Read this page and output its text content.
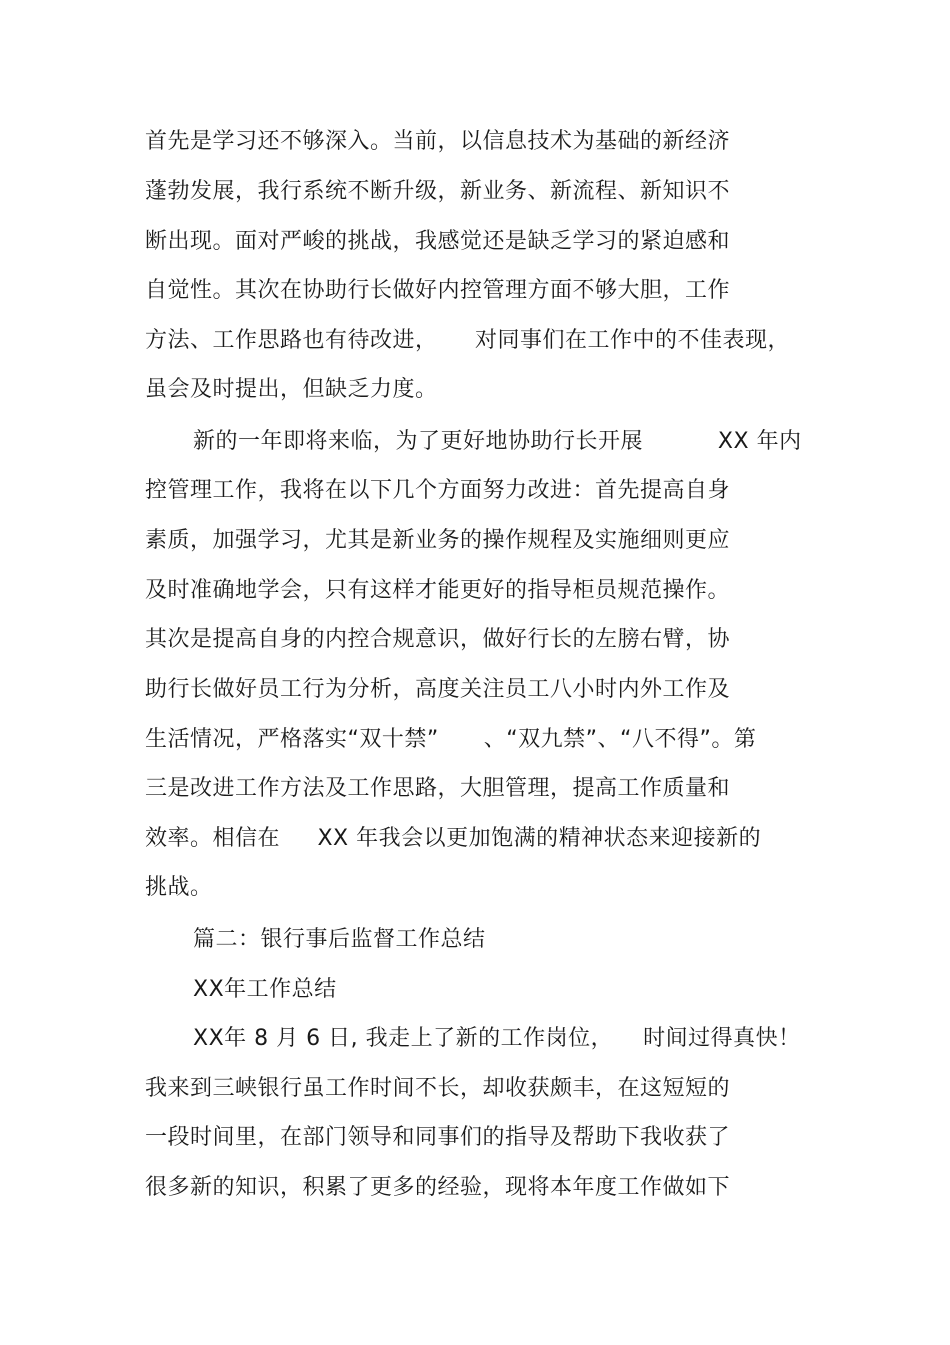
首先是学习还不够深入。当前，以信息技术为基础的新经济
蓬勃发展，我行系统不断升级，新业务、新流程、新知识不
断出现。面对严峻的挑战，我感觉还是缺乏学习的紧迫感和
自觉性。其次在协助行长做好内控管理方面不够大胆，工作
方法、工作思路也有待改进，     对同事们在工作中的不佳表现，
虽会及时提出，但缺乏力度。
新的一年即将来临，为了更好地协助行长开展          XX 年内
控管理工作，我将在以下几个方面努力改进：首先提高自身
素质，加强学习，尤其是新业务的操作规程及实施细则更应
及时准确地学会，只有这样才能更好的指导柜员规范操作。
其次是提高自身的内控合规意识，做好行长的左膀右臂，协
助行长做好员工行为分析，高度关注员工八小时内外工作及
生活情况，严格落实“双十禁”      、“双九禁”、“八不得”。第
三是改进工作方法及工作思路，大胆管理，提高工作质量和
效率。相信在     XX 年我会以更加饱满的精神状态来迎接新的
挑战。
篇二：银行事后监督工作总结
XX年工作总结
XX年 8 月 6 日, 我走上了新的工作岗位，    时间过得真快！
我来到三峡银行虽工作时间不长，却收获颇丰，在这短短的
一段时间里，在部门领导和同事们的指导及帮助下我收获了
很多新的知识，积累了更多的经验，现将本年度工作做如下
